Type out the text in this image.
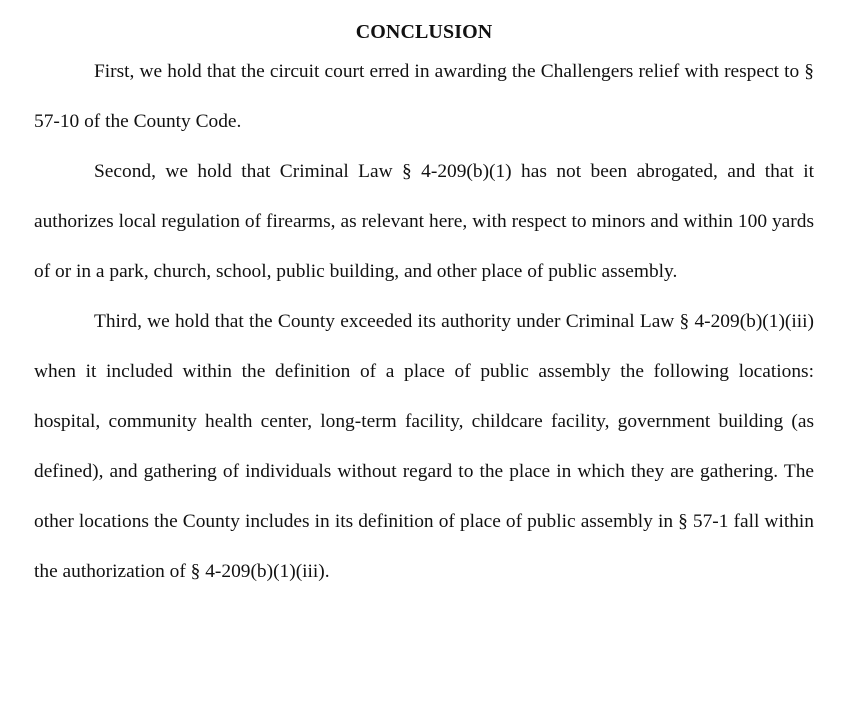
CONCLUSION

First, we hold that the circuit court erred in awarding the Challengers relief with respect to § 57-10 of the County Code.

Second, we hold that Criminal Law § 4-209(b)(1) has not been abrogated, and that it authorizes local regulation of firearms, as relevant here, with respect to minors and within 100 yards of or in a park, church, school, public building, and other place of public assembly.

Third, we hold that the County exceeded its authority under Criminal Law § 4-209(b)(1)(iii) when it included within the definition of a place of public assembly the following locations: hospital, community health center, long-term facility, childcare facility, government building (as defined), and gathering of individuals without regard to the place in which they are gathering. The other locations the County includes in its definition of place of public assembly in § 57-1 fall within the authorization of § 4-209(b)(1)(iii).
